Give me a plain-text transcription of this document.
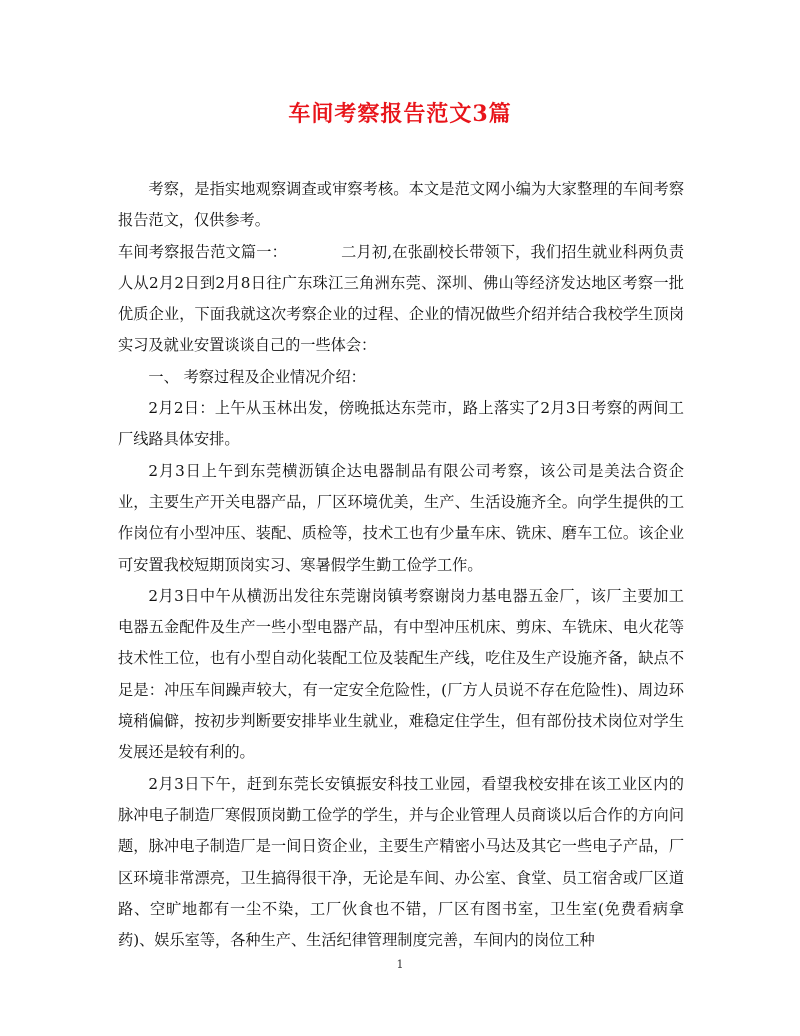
车间考察报告范文3篇

考察，是指实地观察调查或审察考核。本文是范文网小编为大家整理的车间考察报告范文，仅供参考。

车间考察报告范文篇一：	二月初,在张副校长带领下，我们招生就业科两负责人从2月2日到2月8日往广东珠江三角洲东莞、深圳、佛山等经济发达地区考察一批优质企业，下面我就这次考察企业的过程、企业的情况做些介绍并结合我校学生顶岗实习及就业安置谈谈自己的一些体会：

一、 考察过程及企业情况介绍：

2月2日：上午从玉林出发，傍晚抵达东莞市，路上落实了2月3日考察的两间工厂线路具体安排。

2月3日上午到东莞横沥镇企达电器制品有限公司考察，该公司是美法合资企业，主要生产开关电器产品，厂区环境优美，生产、生活设施齐全。向学生提供的工作岗位有小型冲压、装配、质检等，技术工也有少量车床、铣床、磨车工位。该企业可安置我校短期顶岗实习、寒暑假学生勤工俭学工作。

2月3日中午从横沥出发往东莞谢岗镇考察谢岗力基电器五金厂，该厂主要加工电器五金配件及生产一些小型电器产品，有中型冲压机床、剪床、车铣床、电火花等技术性工位，也有小型自动化装配工位及装配生产线，吃住及生产设施齐备，缺点不足是：冲压车间躁声较大，有一定安全危险性，(厂方人员说不存在危险性)、周边环境稍偏僻，按初步判断要安排毕业生就业，难稳定住学生，但有部份技术岗位对学生发展还是较有利的。

2月3日下午，赶到东莞长安镇振安科技工业园，看望我校安排在该工业区内的脉冲电子制造厂寒假顶岗勤工俭学的学生，并与企业管理人员商谈以后合作的方向问题，脉冲电子制造厂是一间日资企业，主要生产精密小马达及其它一些电子产品，厂区环境非常漂亮，卫生搞得很干净，无论是车间、办公室、食堂、员工宿舍或厂区道路、空旷地都有一尘不染，工厂伙食也不错，厂区有图书室，卫生室(免费看病拿药)、娱乐室等，各种生产、生活纪律管理制度完善，车间内的岗位工种

1
